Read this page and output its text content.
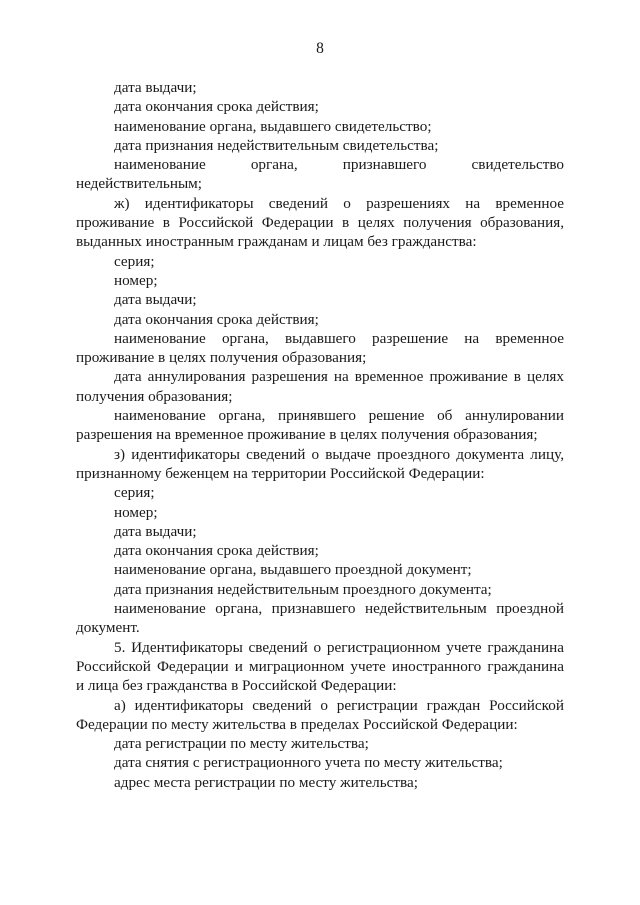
8

дата выдачи;

дата окончания срока действия;

наименование органа, выдавшего свидетельство;

дата признания недействительным свидетельства;

наименование органа, признавшего свидетельство

недействительным;

ж) идентификаторы сведений о разрешениях на временное

проживание в Российской Федерации в целях получения образования,

выданных иностранным гражданам и лицам без гражданства:

серия;

номер;

дата выдачи;

дата окончания срока действия;

наименование органа, выдавшего разрешение на временное

проживание в целях получения образования;

дата аннулирования разрешения на временное проживание в целях

получения образования;

наименование органа, принявшего решение об аннулировании

разрешения на временное проживание в целях получения образования;

з) идентификаторы сведений о выдаче проездного документа лицу,

признанному беженцем на территории Российской Федерации:

серия;

номер;

дата выдачи;

дата окончания срока действия;

наименование органа, выдавшего проездной документ;

дата признания недействительным проездного документа;

наименование органа, признавшего недействительным проездной

документ.

5. Идентификаторы сведений о регистрационном учете гражданина

Российской Федерации и миграционном учете иностранного гражданина

и лица без гражданства в Российской Федерации:

а) идентификаторы сведений о регистрации граждан Российской

Федерации по месту жительства в пределах Российской Федерации:

дата регистрации по месту жительства;

дата снятия с регистрационного учета по месту жительства;

адрес места регистрации по месту жительства;
